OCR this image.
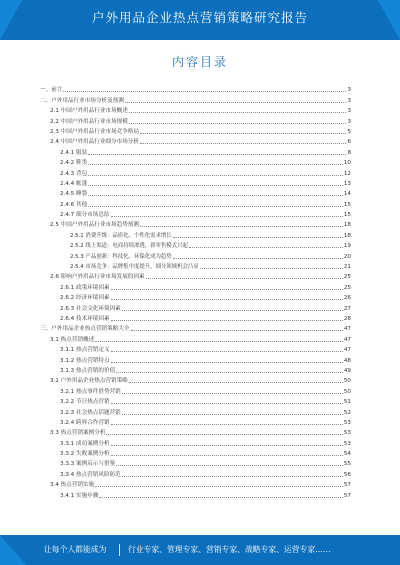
户外用品企业热点营销策略研究报告
内容目录
一、前言	3
二、户外用品行业市场分析及预测	3
2.1 中国户外用品行业市场概述	3
2.2 中国户外用品行业市场规模	3
2.3 中国户外用品行业市场竞争格局	5
2.4 中国户外用品行业细分市场分析	6
2.4.1 服装	8
2.4.2 鞋类	10
2.4.3 背包	12
2.4.4 帐篷	13
2.4.5 睡袋	14
2.4.6 其他	15
2.4.7 细分市场总结	15
2.5 中国户外用品行业市场趋势预测	18
2.5.1 消费升级：品质化、个性化需求增长	18
2.5.2 线上渠道：电商持续渗透，新零售模式兴起	19
2.5.3 产品创新：科技化、环保化成为趋势	20
2.5.4 市场竞争：品牌集中度提升，细分领域机会凸显	21
2.6 影响户外用品行业市场发展的因素	25
2.6.1 政策环境因素	25
2.6.2 经济环境因素	26
2.6.3 社会文化环境因素	27
2.6.4 技术环境因素	28
三、户外用品企业热点营销策略大全	47
3.1 热点营销概述	47
3.1.1 热点营销定义	47
3.1.2 热点营销特点	48
3.1.3 热点营销的价值	49
3.2 户外用品企业热点营销策略	50
3.2.1 热点事件借势营销	50
3.2.2 节日热点营销	51
3.2.3 社会热点话题营销	52
3.2.4 跨界合作营销	53
3.3 热点营销案例分析	53
3.3.1 成功案例分析	53
3.3.2 失败案例分析	54
3.3.3 案例启示与借鉴	55
3.3.4 热点营销风险防范	56
3.4 热点营销实施	57
3.4.1 实施步骤	57
让每个人都能成为	行业专家、管理专家、营销专家、战略专家、运营专家……
